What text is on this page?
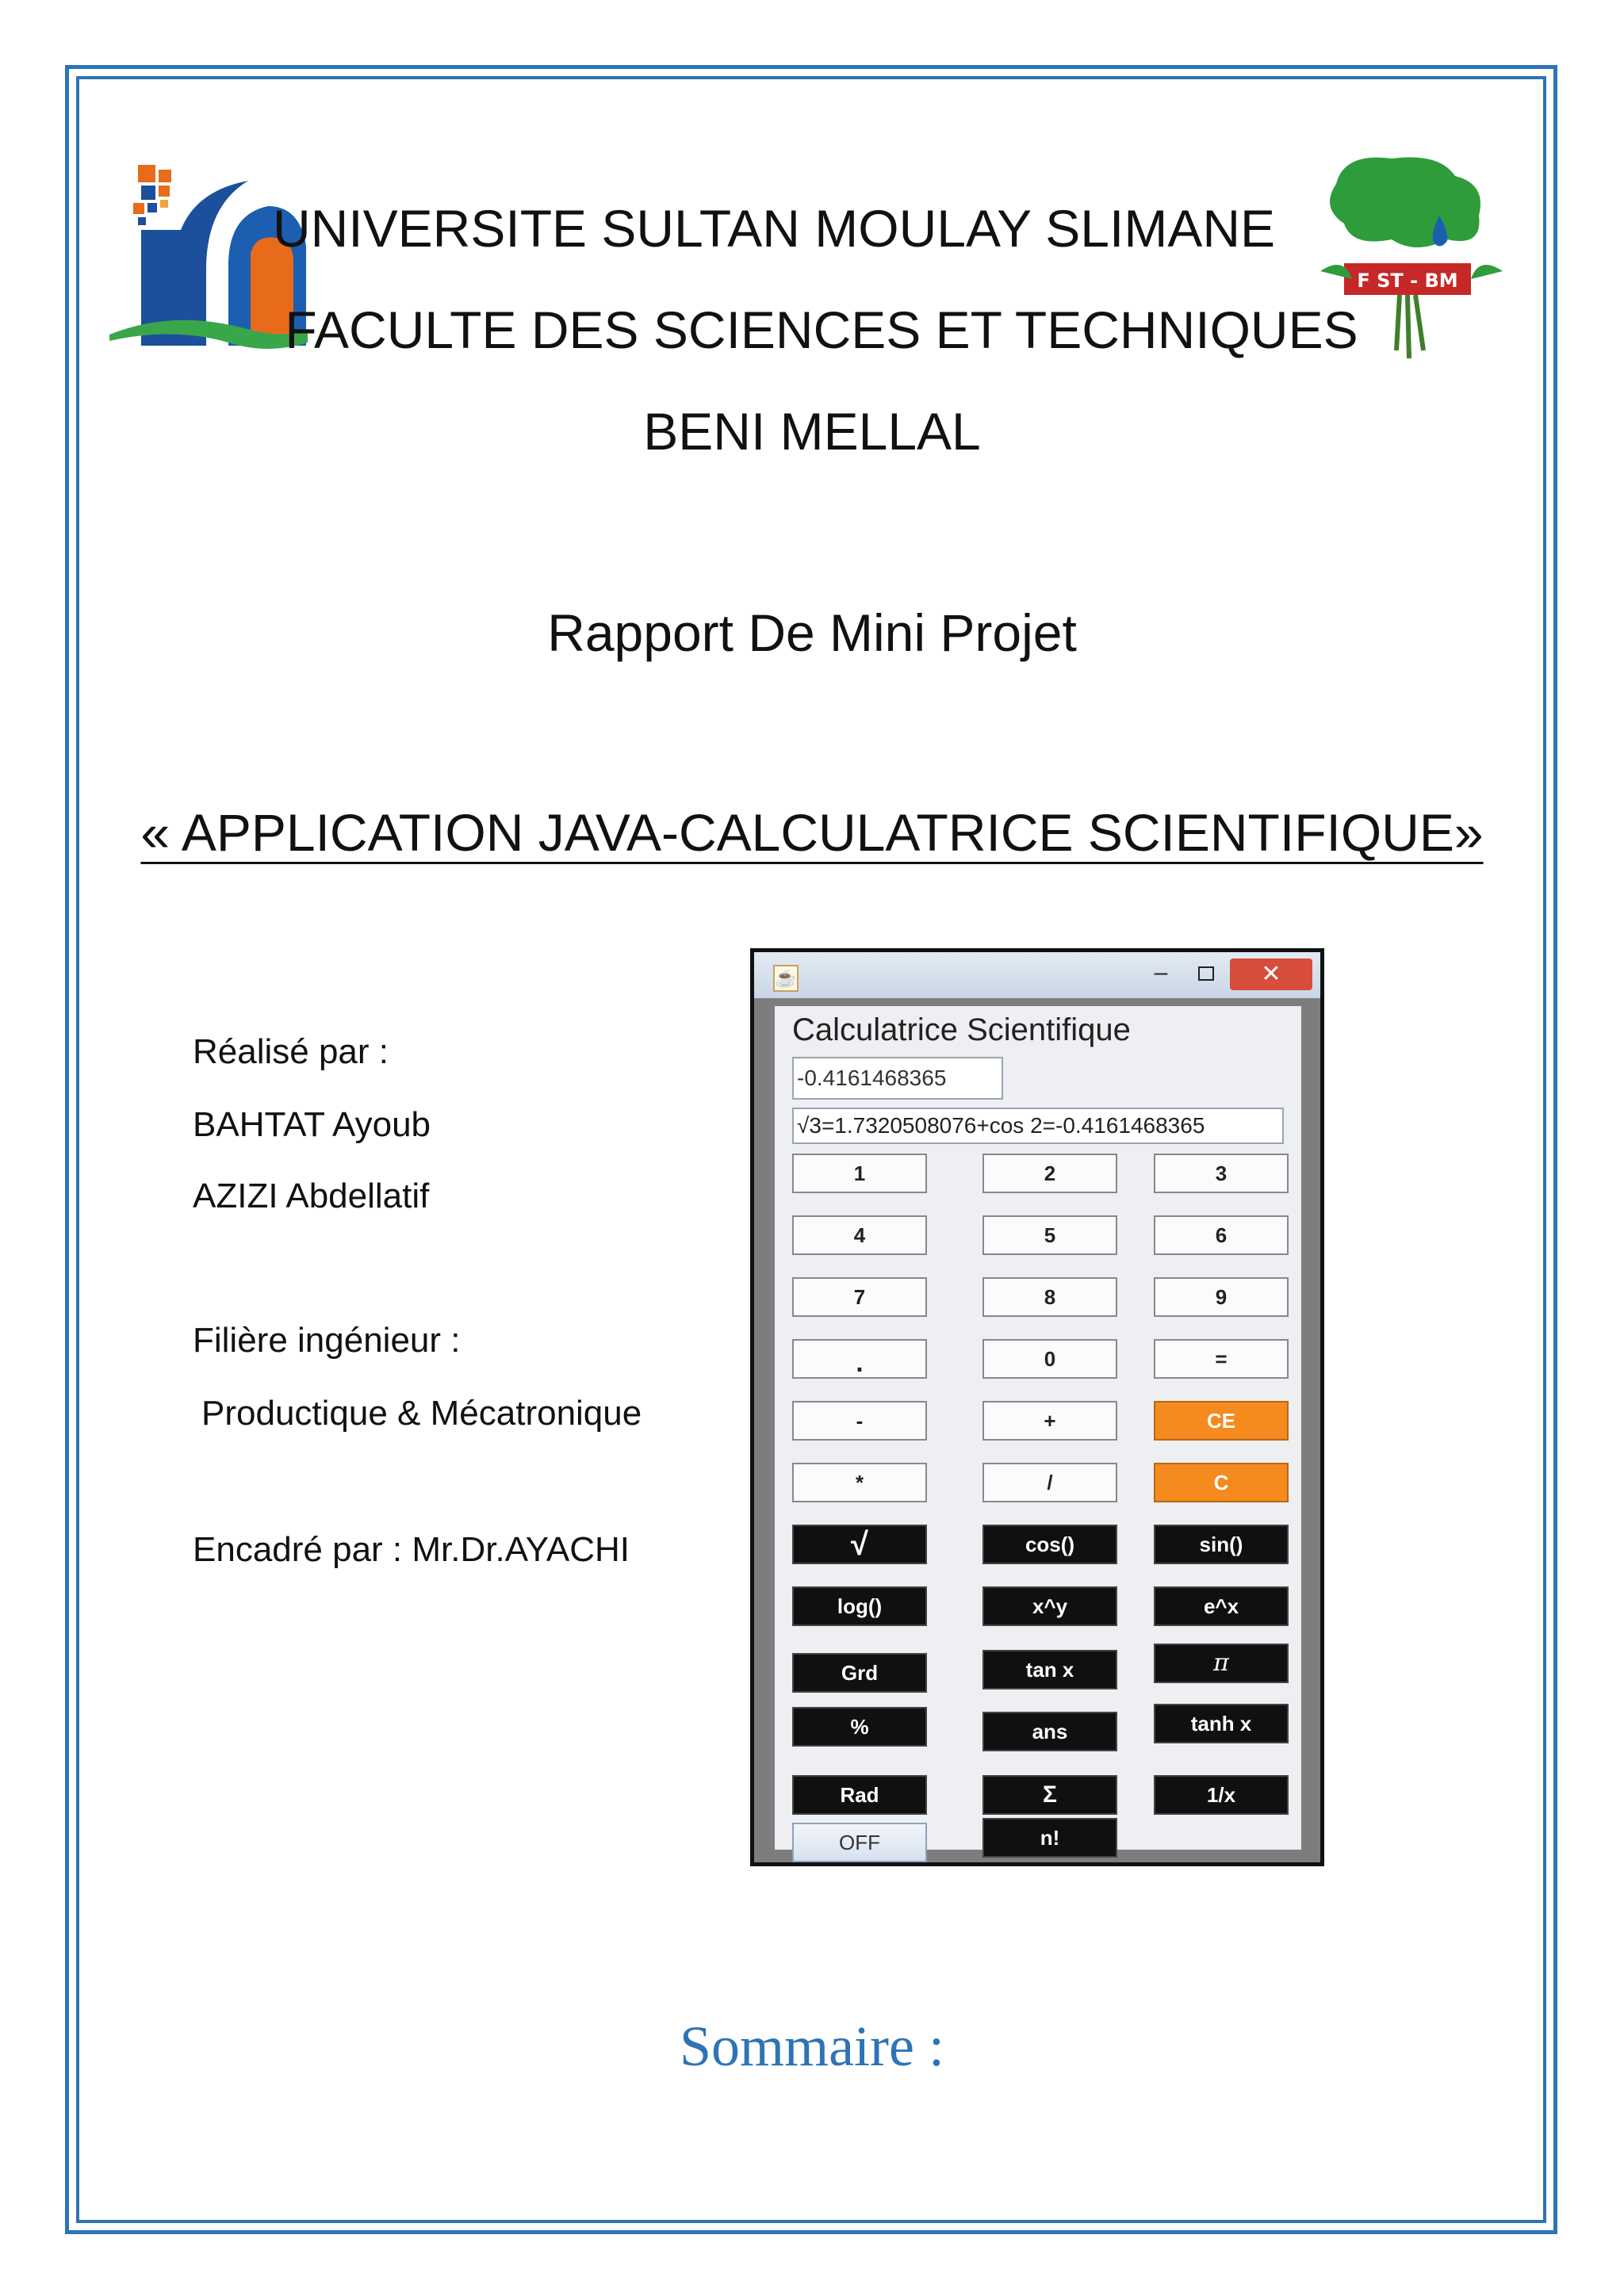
F ST - BM
UNIVERSITE SULTAN MOULAY SLIMANE
FACULTE DES SCIENCES ET TECHNIQUES
BENI MELLAL
Rapport De Mini Projet
« APPLICATION JAVA-CALCULATRICE SCIENTIFIQUE»
Réalisé par :
BAHTAT Ayoub
AZIZI Abdellatif
Filière ingénieur :
Productique & Mécatronique
Encadré par : Mr.Dr.AYACHI
☕	–	✕
Calculatrice Scientifique
-0.4161468365
√3=1.7320508076+cos 2=-0.4161468365
1	2	3
4	5	6
7	8	9
.	0	=
-	+	CE
*	/	C
√	cos()	sin()
log()	x^y	e^x
Grd	tan x	π
%	ans	tanh x
Rad	Σ	1/x
OFF	n!
Sommaire :
